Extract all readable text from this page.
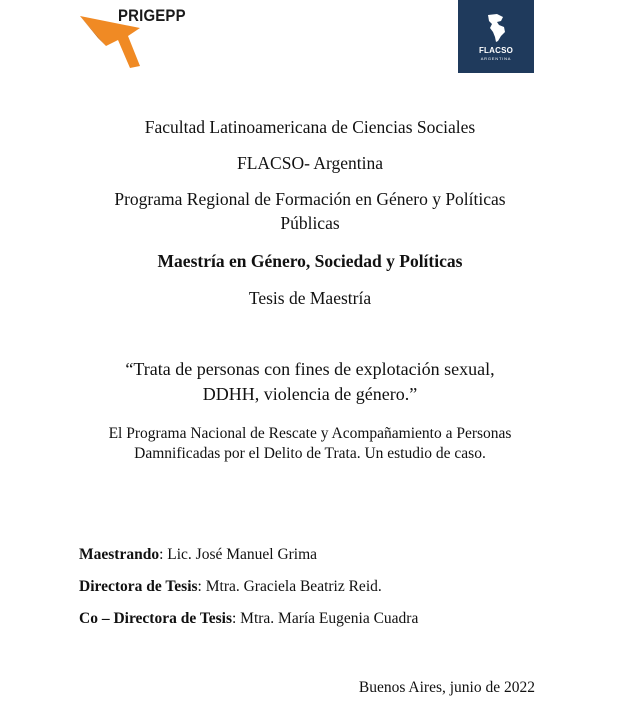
PRIGEPP
FLACSO
ARGENTINA
Facultad Latinoamericana de Ciencias Sociales
FLACSO- Argentina
Programa Regional de Formación en Género y Políticas
Públicas
Maestría en Género, Sociedad y Políticas
Tesis de Maestría
“Trata de personas con fines de explotación sexual,
DDHH, violencia de género.”
El Programa Nacional de Rescate y Acompañamiento a Personas
Damnificadas por el Delito de Trata. Un estudio de caso.
Maestrando: Lic. José Manuel Grima
Directora de Tesis: Mtra. Graciela Beatriz Reid.
Co – Directora de Tesis: Mtra. María Eugenia Cuadra
Buenos Aires, junio de 2022
